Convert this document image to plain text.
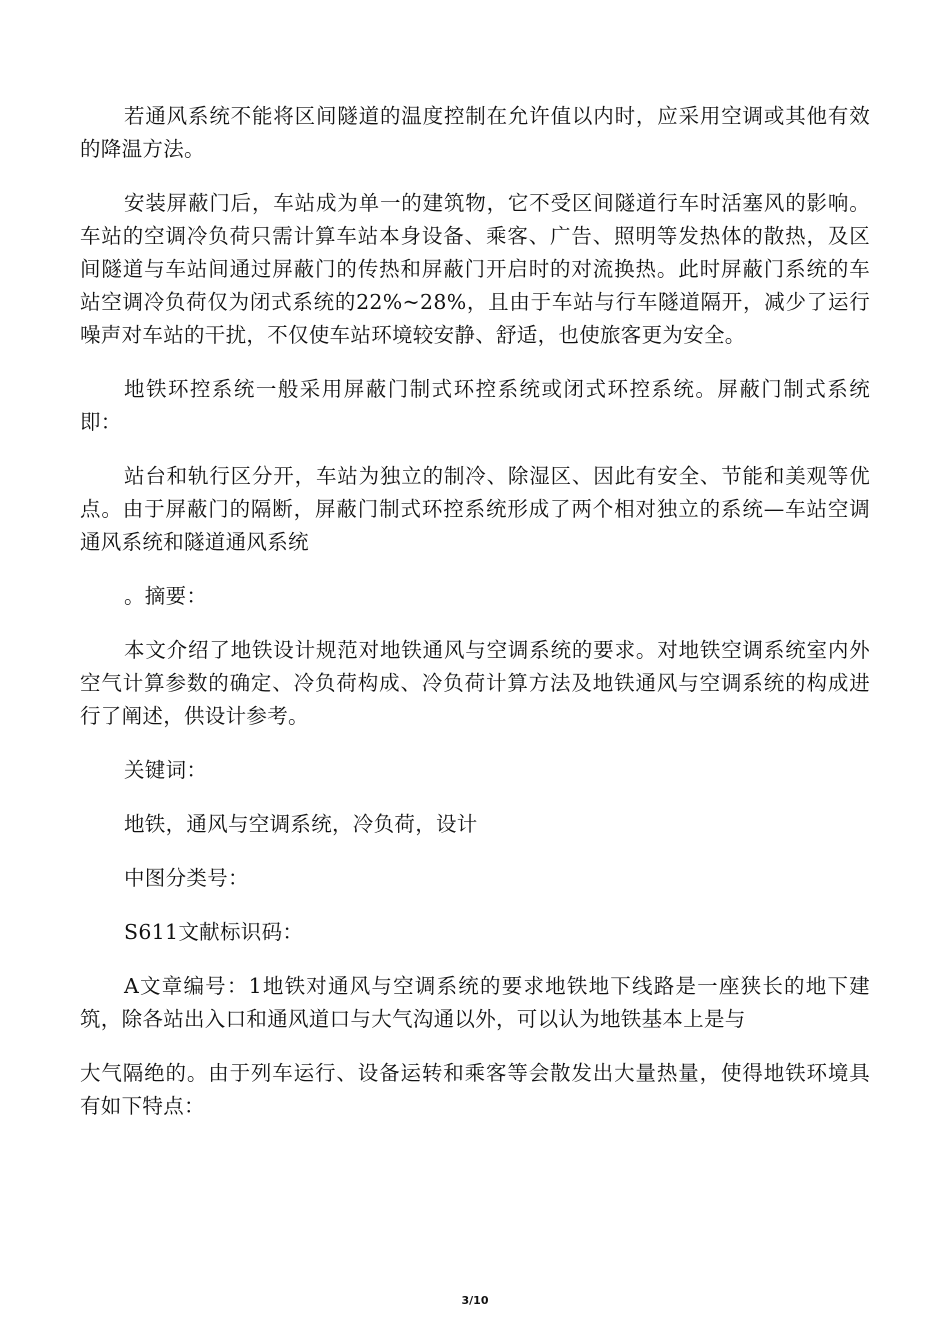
若通风系统不能将区间隧道的温度控制在允许值以内时，应采用空调或其他有效的降温方法。

安装屏蔽门后，车站成为单一的建筑物，它不受区间隧道行车时活塞风的影响。车站的空调冷负荷只需计算车站本身设备、乘客、广告、照明等发热体的散热，及区间隧道与车站间通过屏蔽门的传热和屏蔽门开启时的对流换热。此时屏蔽门系统的车站空调冷负荷仅为闭式系统的22%~28%，且由于车站与行车隧道隔开，减少了运行噪声对车站的干扰，不仅使车站环境较安静、舒适，也使旅客更为安全。

地铁环控系统一般采用屏蔽门制式环控系统或闭式环控系统。屏蔽门制式系统即：

站台和轨行区分开，车站为独立的制冷、除湿区、因此有安全、节能和美观等优点。由于屏蔽门的隔断，屏蔽门制式环控系统形成了两个相对独立的系统—车站空调通风系统和隧道通风系统

。摘要：

本文介绍了地铁设计规范对地铁通风与空调系统的要求。对地铁空调系统室内外空气计算参数的确定、冷负荷构成、冷负荷计算方法及地铁通风与空调系统的构成进行了阐述，供设计参考。

关键词：

地铁，通风与空调系统，冷负荷，设计

中图分类号：

S611文献标识码：

A文章编号：1地铁对通风与空调系统的要求地铁地下线路是一座狭长的地下建筑，除各站出入口和通风道口与大气沟通以外，可以认为地铁基本上是与

大气隔绝的。由于列车运行、设备运转和乘客等会散发出大量热量，使得地铁环境具有如下特点：

3/10
